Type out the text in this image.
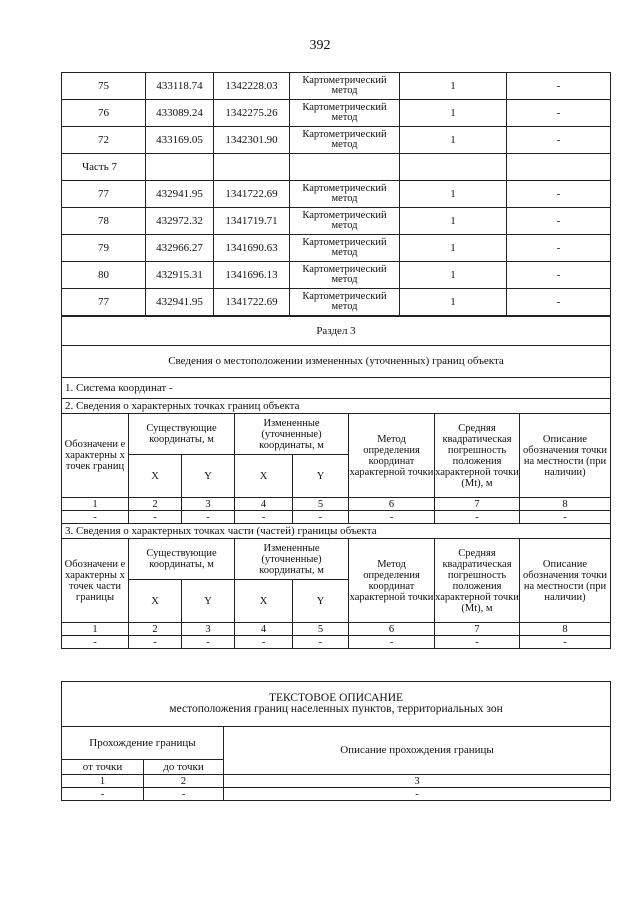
392
75	433118.74	1342228.03	Картометрический метод	1	-
76	433089.24	1342275.26	Картометрический метод	1	-
72	433169.05	1342301.90	Картометрический метод	1	-
Часть 7					
77	432941.95	1341722.69	Картометрический метод	1	-
78	432972.32	1341719.71	Картометрический метод	1	-
79	432966.27	1341690.63	Картометрический метод	1	-
80	432915.31	1341696.13	Картометрический метод	1	-
77	432941.95	1341722.69	Картометрический метод	1	-
Раздел 3							
Сведения о местоположении измененных (уточненных) границ объекта							
1. Система координат -							
2. Сведения о характерных точках границ объекта							
Обозначени е характерны х точек границ	Существующие координаты, м		Измененные (уточненные) координаты, м		Метод определения координат характерной точки	Средняя квадратическая погрешность положения характерной точки (Mt), м	Описание обозначения точки на местности (при наличии)
	X	Y	X	Y			
1	2	3	4	5	6	7	8
-	-	-	-	-	-	-	-
3. Сведения о характерных точках части (частей) границы объекта							
Обозначени е характерны х точек части границы	Существующие координаты, м		Измененные (уточненные) координаты, м		Метод определения координат характерной точки	Средняя квадратическая погрешность положения характерной точки (Mt), м	Описание обозначения точки на местности (при наличии)
	X	Y	X	Y			
1	2	3	4	5	6	7	8
-	-	-	-	-	-	-	-
ТЕКСТОВОЕ ОПИСАНИЕ
местоположения границ населенных пунктов, территориальных зон		

Прохождение границы		Описание прохождения границы
от точки	до точки	
1	2	3
-	-	-
